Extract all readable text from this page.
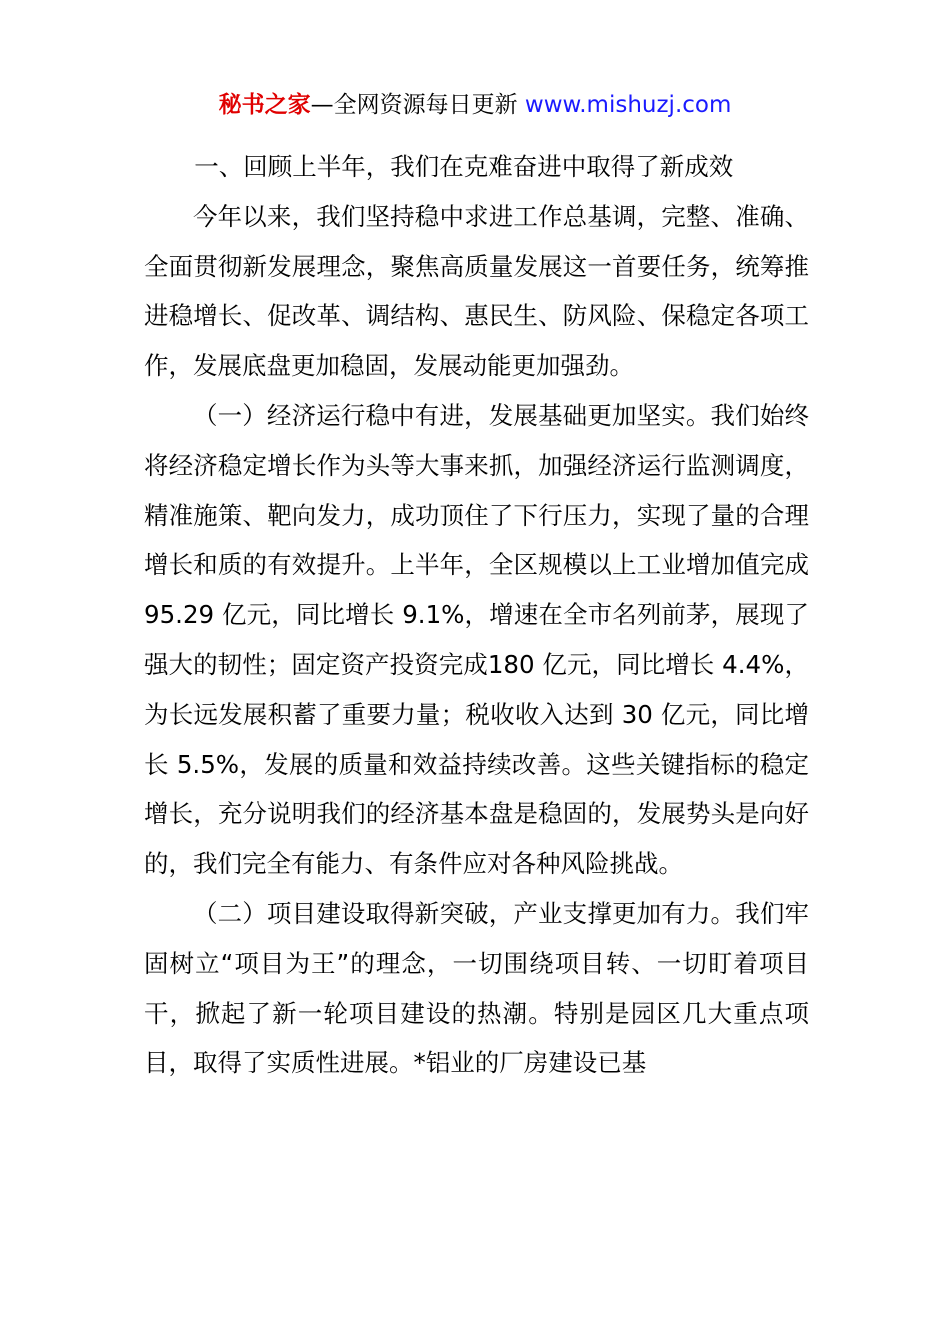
秘书之家—全网资源每日更新 www.mishuzj.com

一、回顾上半年，我们在克难奋进中取得了新成效

今年以来，我们坚持稳中求进工作总基调，完整、准确、全面贯彻新发展理念，聚焦高质量发展这一首要任务，统筹推进稳增长、促改革、调结构、惠民生、防风险、保稳定各项工作，发展底盘更加稳固，发展动能更加强劲。

（一）经济运行稳中有进，发展基础更加坚实。我们始终将经济稳定增长作为头等大事来抓，加强经济运行监测调度，精准施策、靶向发力，成功顶住了下行压力，实现了量的合理增长和质的有效提升。上半年，全区规模以上工业增加值完成 95.29 亿元，同比增长 9.1%，增速在全市名列前茅，展现了强大的韧性；固定资产投资完成180 亿元，同比增长 4.4%，为长远发展积蓄了重要力量；税收收入达到 30 亿元，同比增长 5.5%，发展的质量和效益持续改善。这些关键指标的稳定增长，充分说明我们的经济基本盘是稳固的，发展势头是向好的，我们完全有能力、有条件应对各种风险挑战。

（二）项目建设取得新突破，产业支撑更加有力。我们牢固树立“项目为王”的理念，一切围绕项目转、一切盯着项目干，掀起了新一轮项目建设的热潮。特别是园区几大重点项目，取得了实质性进展。*铝业的厂房建设已基
